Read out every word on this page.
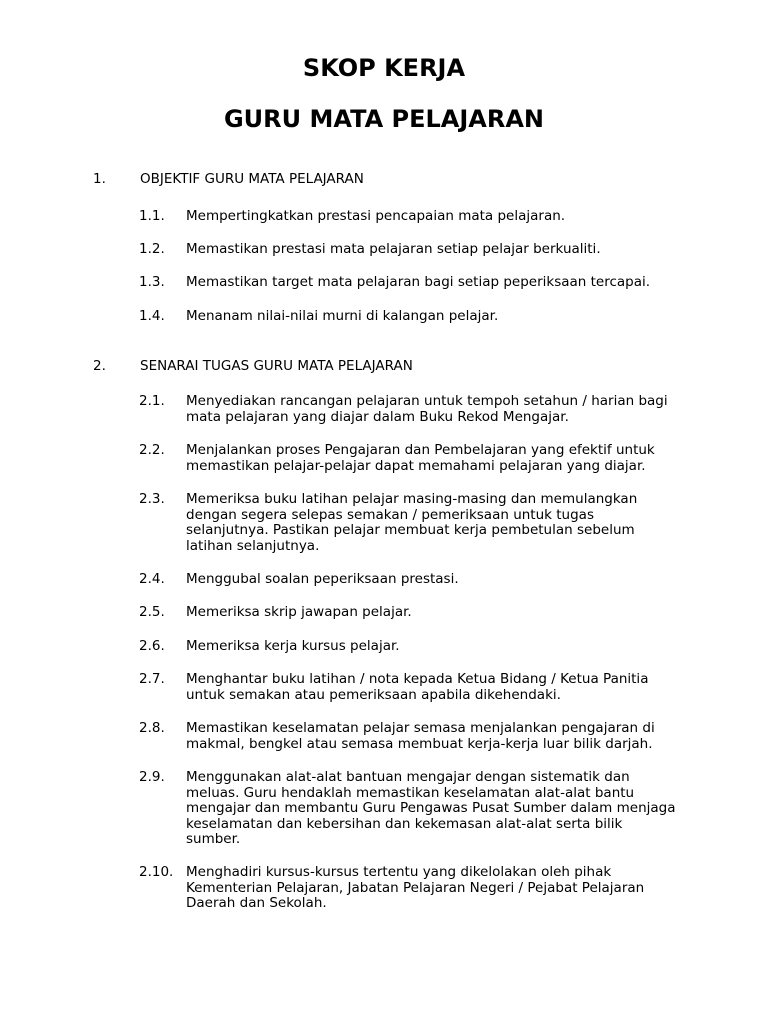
SKOP KERJA
GURU MATA PELAJARAN
1.	OBJEKTIF GURU MATA PELAJARAN
1.1. Mempertingkatkan prestasi pencapaian mata pelajaran.
1.2. Memastikan prestasi mata pelajaran setiap pelajar berkualiti.
1.3. Memastikan target mata pelajaran bagi setiap peperiksaan tercapai.
1.4. Menanam nilai-nilai murni di kalangan pelajar.
2.	SENARAI TUGAS GURU MATA PELAJARAN
2.1. Menyediakan rancangan pelajaran untuk tempoh setahun / harian bagi
mata pelajaran yang diajar dalam Buku Rekod Mengajar.
2.2. Menjalankan proses Pengajaran dan Pembelajaran yang efektif untuk
memastikan pelajar-pelajar dapat memahami pelajaran yang diajar.
2.3. Memeriksa buku latihan pelajar masing-masing dan memulangkan
dengan segera selepas semakan / pemeriksaan untuk tugas
selanjutnya. Pastikan pelajar membuat kerja pembetulan sebelum
latihan selanjutnya.
2.4. Menggubal soalan peperiksaan prestasi.
2.5. Memeriksa skrip jawapan pelajar.
2.6. Memeriksa kerja kursus pelajar.
2.7. Menghantar buku latihan / nota kepada Ketua Bidang / Ketua Panitia
untuk semakan atau pemeriksaan apabila dikehendaki.
2.8. Memastikan keselamatan pelajar semasa menjalankan pengajaran di
makmal, bengkel atau semasa membuat kerja-kerja luar bilik darjah.
2.9. Menggunakan alat-alat bantuan mengajar dengan sistematik dan
meluas. Guru hendaklah memastikan keselamatan alat-alat bantu
mengajar dan membantu Guru Pengawas Pusat Sumber dalam menjaga
keselamatan dan kebersihan dan kekemasan alat-alat serta bilik
sumber.
2.10. Menghadiri kursus-kursus tertentu yang dikelolakan oleh pihak
Kementerian Pelajaran, Jabatan Pelajaran Negeri / Pejabat Pelajaran
Daerah dan Sekolah.
